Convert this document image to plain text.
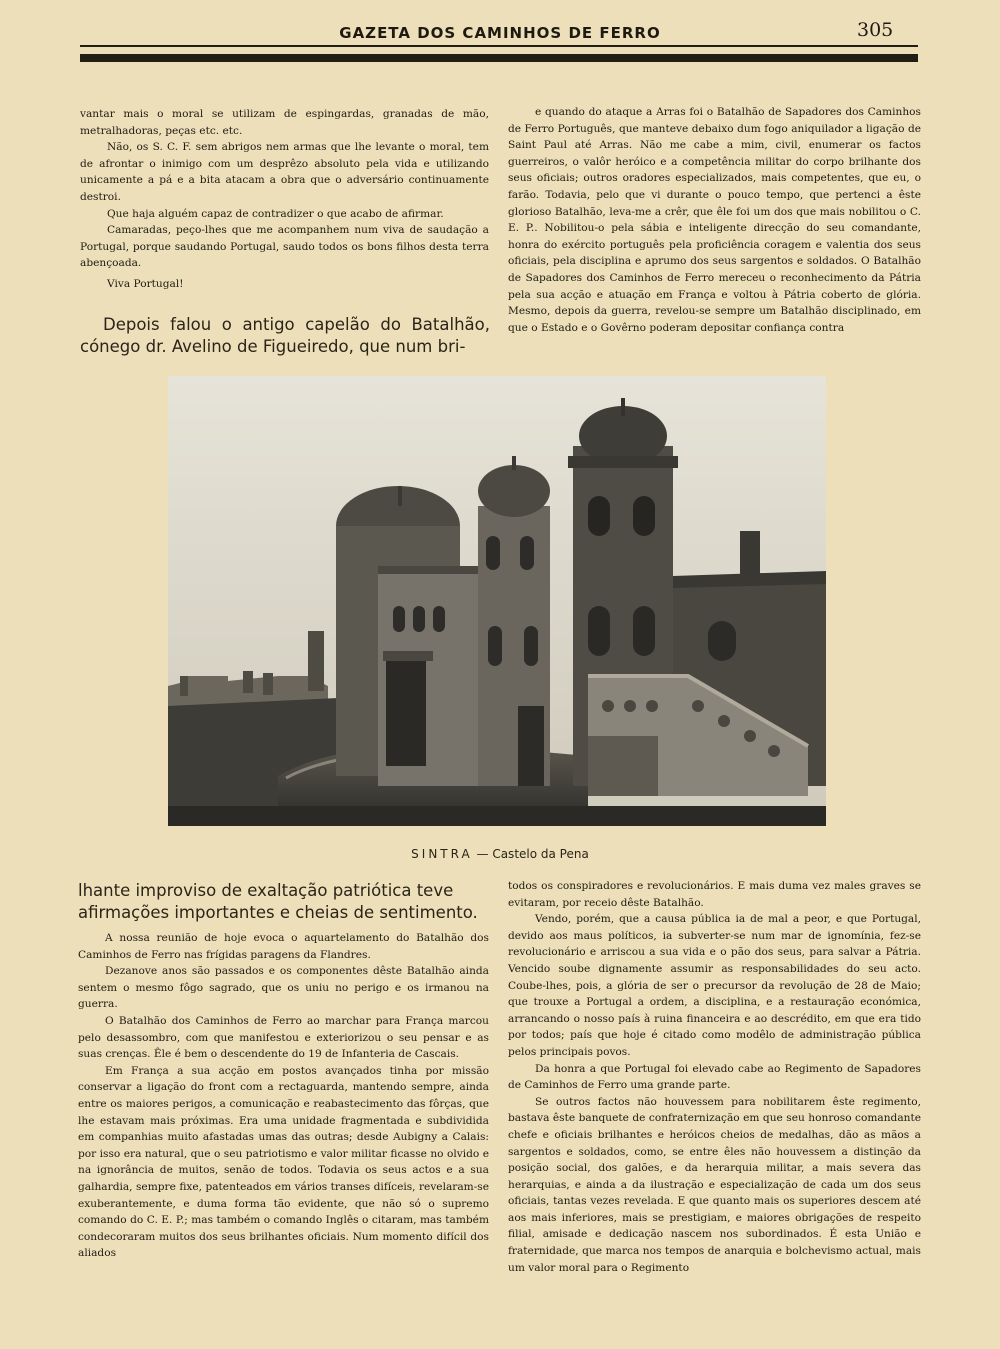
GAZETA DOS CAMINHOS DE FERRO	305

vantar mais o moral se utilizam de espingardas, granadas de mão, metralhadoras, peças etc. etc.

Não, os S. C. F. sem abrigos nem armas que lhe levante o moral, tem de afrontar o inimigo com um desprêzo absoluto pela vida e utilizando unicamente a pá e a bita atacam a obra que o adversário continuamente destroi.

Que haja alguém capaz de contradizer o que acabo de afirmar.

Camaradas, peço-lhes que me acompanhem num viva de saudação a Portugal, porque saudando Portugal, saudo todos os bons filhos desta terra abençoada.

Viva Portugal!

Depois falou o antigo capelão do Batalhão, cónego dr. Avelino de Figueiredo, que num bri-

e quando do ataque a Arras foi o Batalhão de Sapadores dos Caminhos de Ferro Português, que manteve debaixo dum fogo aniquilador a ligação de Saint Paul até Arras. Não me cabe a mim, civil, enumerar os factos guerreiros, o valôr heróico e a competência militar do corpo brilhante dos seus oficiais; outros oradores especializados, mais competentes, que eu, o farão. Todavia, pelo que vi durante o pouco tempo, que pertenci a êste glorioso Batalhão, leva-me a crêr, que êle foi um dos que mais nobilitou o C. E. P.. Nobilitou-o pela sábia e inteligente direcção do seu comandante, honra do exército português pela proficiência coragem e valentia dos seus oficiais, pela disciplina e aprumo dos seus sargentos e soldados. O Batalhão de Sapadores dos Caminhos de Ferro mereceu o reconhecimento da Pátria pela sua acção e atuação em França e voltou à Pátria coberto de glória. Mesmo, depois da guerra, revelou-se sempre um Batalhão disciplinado, em que o Estado e o Govêrno poderam depositar confiança contra

SINTRA — Castelo da Pena
lhante improviso de exaltação patriótica teve afirmações importantes e cheias de sentimento.

A nossa reunião de hoje evoca o aquartelamento do Batalhão dos Caminhos de Ferro nas frígidas paragens da Flandres.

Dezanove anos são passados e os componentes dêste Batalhão ainda sentem o mesmo fôgo sagrado, que os uniu no perigo e os irmanou na guerra.

O Batalhão dos Caminhos de Ferro ao marchar para França marcou pelo desassombro, com que manifestou e exteriorizou o seu pensar e as suas crenças. Êle é bem o descendente do 19 de Infanteria de Cascais.

Em França a sua acção em postos avançados tinha por missão conservar a ligação do front com a rectaguarda, mantendo sempre, ainda entre os maiores perigos, a comunicação e reabastecimento das fôrças, que lhe estavam mais próximas. Era uma unidade fragmentada e subdividida em companhias muito afastadas umas das outras; desde Aubigny a Calais: por isso era natural, que o seu patriotismo e valor militar ficasse no olvido e na ignorância de muitos, senão de todos. Todavia os seus actos e a sua galhardia, sempre fixe, patenteados em vários transes difíceis, revelaram-se exuberantemente, e duma forma tão evidente, que não só o supremo comando do C. E. P.; mas também o comando Inglês o citaram, mas também condecoraram muitos dos seus brilhantes oficiais. Num momento difícil dos aliados

todos os conspiradores e revolucionários. E mais duma vez males graves se evitaram, por receio dêste Batalhão.

Vendo, porém, que a causa pública ia de mal a peor, e que Portugal, devido aos maus políticos, ia subverter-se num mar de ignomínia, fez-se revolucionário e arriscou a sua vida e o pão dos seus, para salvar a Pátria. Vencido soube dignamente assumir as responsabilidades do seu acto. Coube-lhes, pois, a glória de ser o precursor da revolução de 28 de Maio; que trouxe a Portugal a ordem, a disciplina, e a restauração económica, arrancando o nosso país à ruina financeira e ao descrédito, em que era tido por todos; país que hoje é citado como modêlo de administração pública pelos principais povos.

Da honra a que Portugal foi elevado cabe ao Regimento de Sapadores de Caminhos de Ferro uma grande parte.

Se outros factos não houvessem para nobilitarem êste regimento, bastava êste banquete de confraternização em que seu honroso comandante chefe e oficiais brilhantes e heróicos cheios de medalhas, dão as mãos a sargentos e soldados, como, se entre êles não houvessem a distinção da posição social, dos galões, e da herarquia militar, a mais severa das herarquias, e ainda a da ilustração e especialização de cada um dos seus oficiais, tantas vezes revelada. E que quanto mais os superiores descem até aos mais inferiores, mais se prestigiam, e maiores obrigações de respeito filial, amisade e dedicação nascem nos subordinados. É esta União e fraternidade, que marca nos tempos de anarquia e bolchevismo actual, mais um valor moral para o Regimento
